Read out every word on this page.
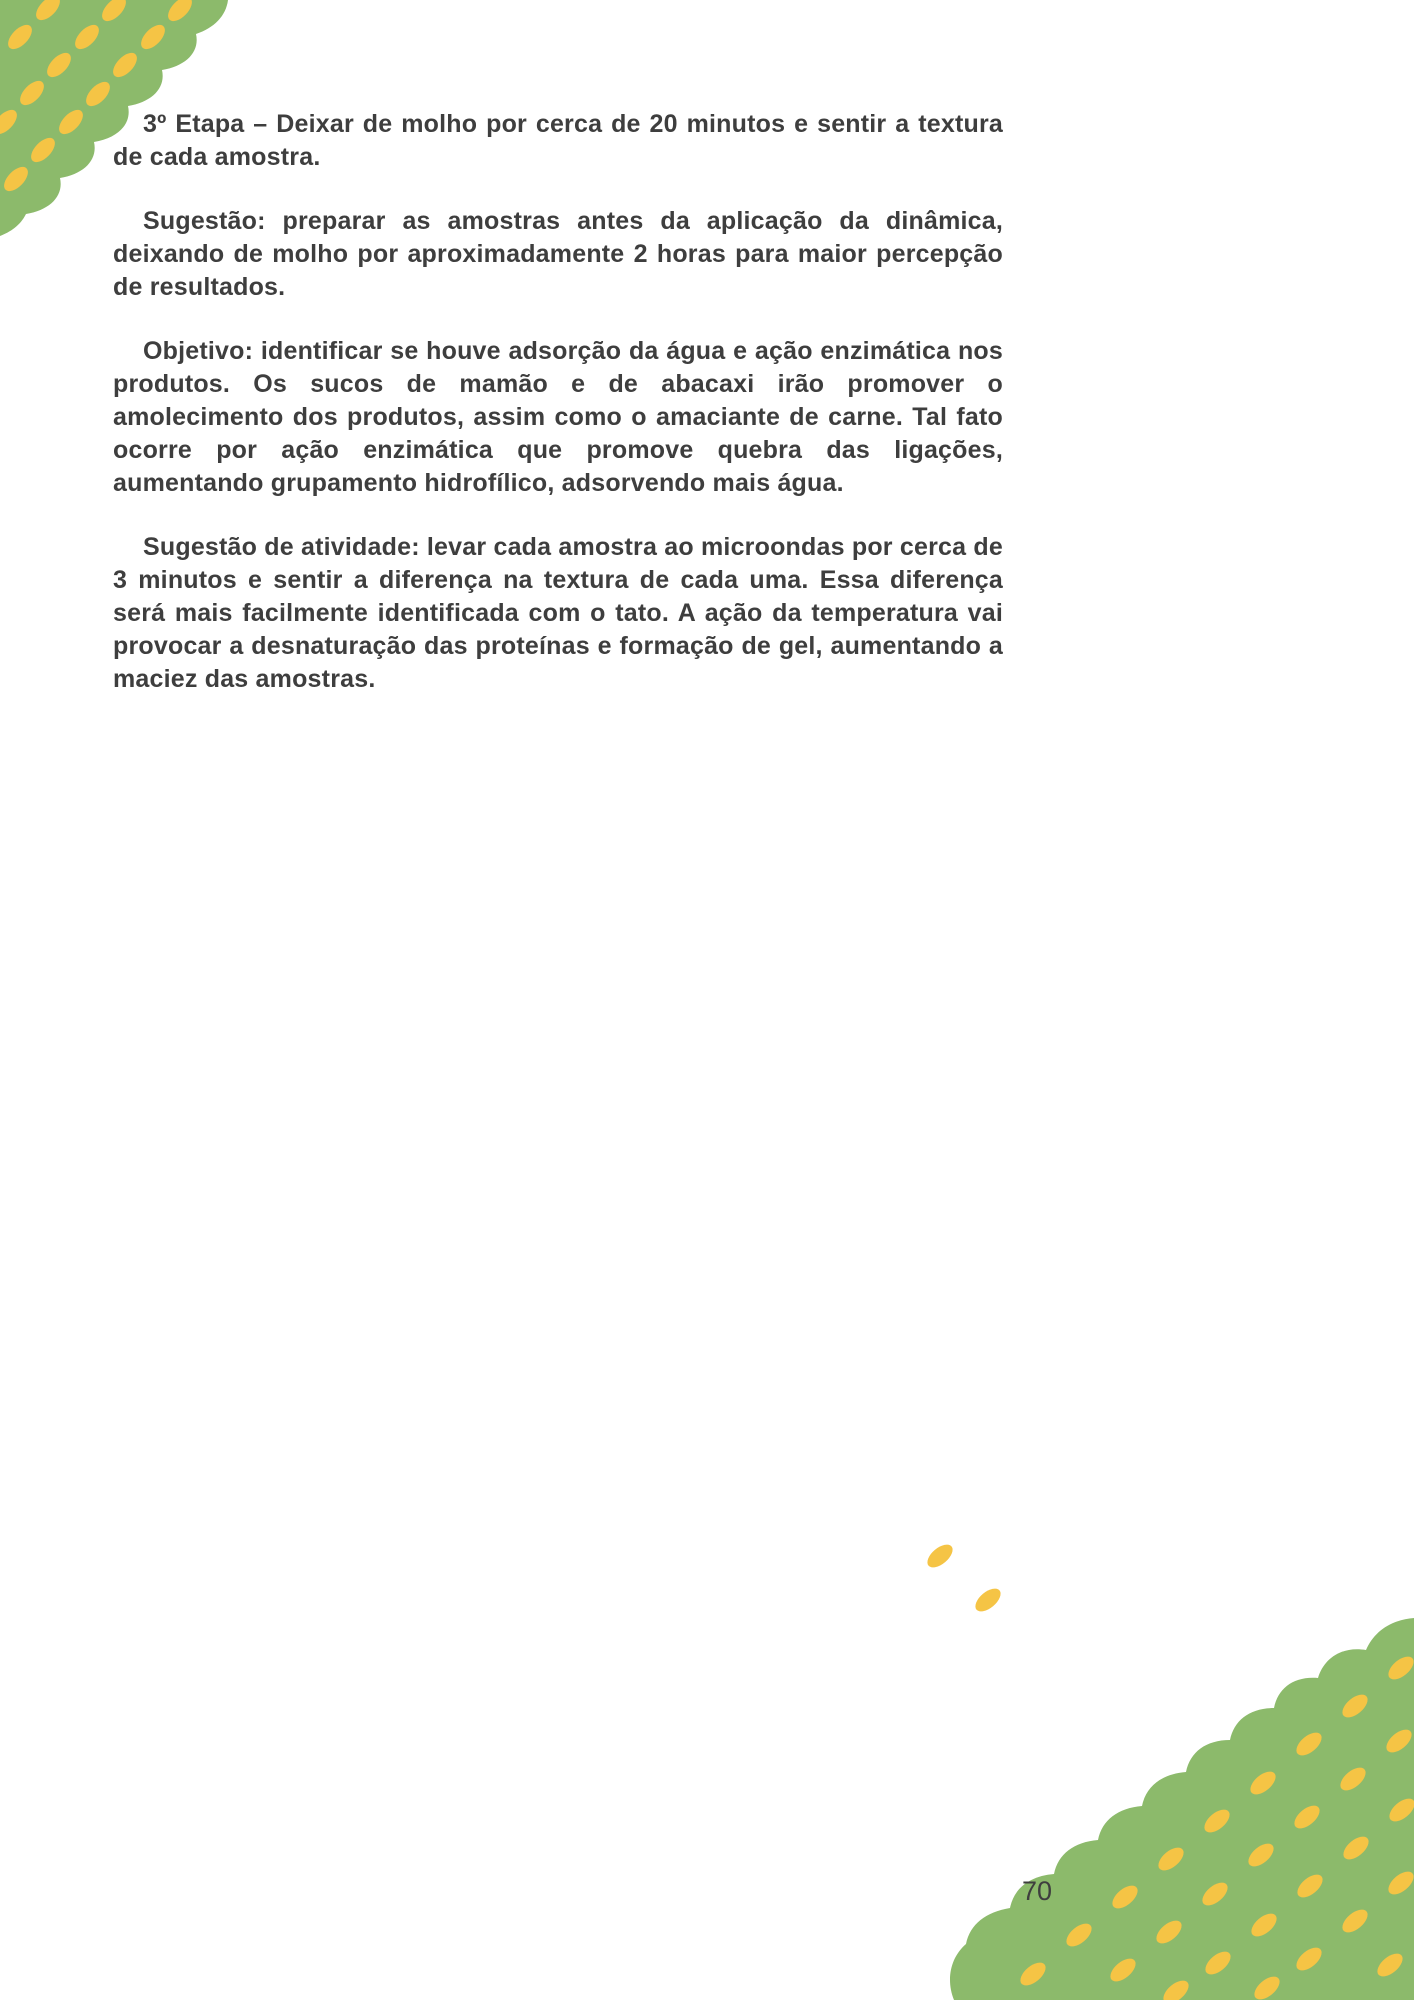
3º Etapa – Deixar de molho por cerca de 20 minutos e sentir a textura de cada amostra.

Sugestão: preparar as amostras antes da aplicação da dinâmica, deixando de molho por aproximadamente 2 horas para maior percepção de resultados.

Objetivo: identificar se houve adsorção da água e ação enzimática nos produtos. Os sucos de mamão e de abacaxi irão promover o amolecimento dos produtos, assim como o amaciante de carne. Tal fato ocorre por ação enzimática que promove quebra das ligações, aumentando grupamento hidrofílico, adsorvendo mais água.

Sugestão de atividade: levar cada amostra ao microondas por cerca de 3 minutos e sentir a diferença na textura de cada uma. Essa diferença será mais facilmente identificada com o tato. A ação da temperatura vai provocar a desnaturação das proteínas e formação de gel, aumentando a maciez das amostras.

70
